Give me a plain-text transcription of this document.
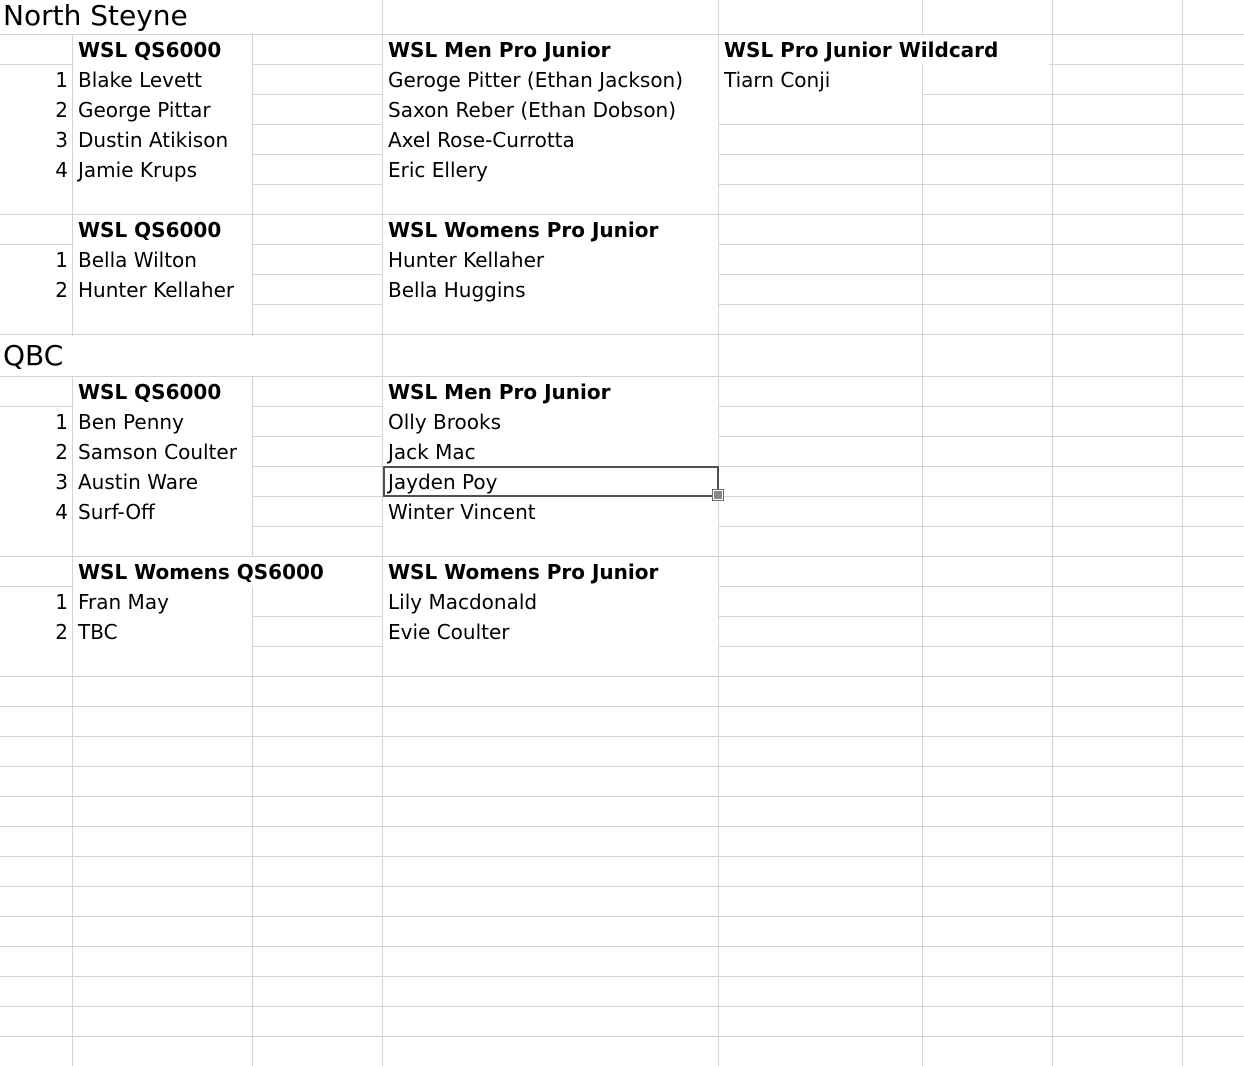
North Steyne
WSL QS6000	WSL Men Pro Junior	WSL Pro Junior Wildcard
1 Blake Levett	Geroge Pitter (Ethan Jackson)	Tiarn Conji
2 George Pittar	Saxon Reber (Ethan Dobson)
3 Dustin Atikison	Axel Rose-Currotta
4 Jamie Krups	Eric Ellery
WSL QS6000	WSL Womens Pro Junior
1 Bella Wilton	Hunter Kellaher
2 Hunter Kellaher	Bella Huggins
QBC
WSL QS6000	WSL Men Pro Junior
1 Ben Penny	Olly Brooks
2 Samson Coulter	Jack Mac
3 Austin Ware	Jayden Poy
4 Surf-Off	Winter Vincent
WSL Womens QS6000	WSL Womens Pro Junior
1 Fran May	Lily Macdonald
2 TBC	Evie Coulter
